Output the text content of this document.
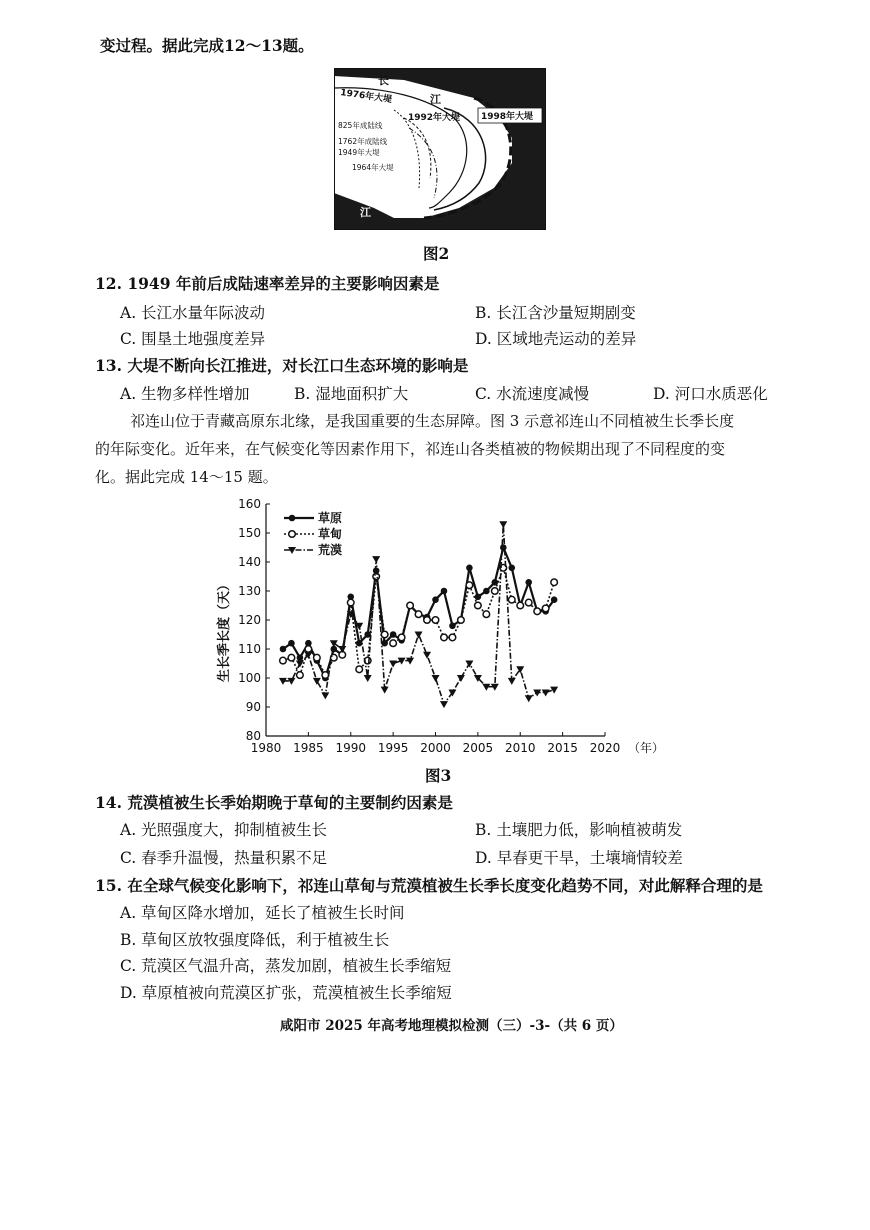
变过程。据此完成12～13题。
长
江
1976年大堤
1992年大堤 1998年大堤
825年成陆线
1762年成陆线
1949年大堤
1964年大堤
长
江
图2
12. 1949 年前后成陆速率差异的主要影响因素是
A. 长江水量年际波动	B. 长江含沙量短期剧变
C. 围垦土地强度差异	D. 区域地壳运动的差异
13. 大堤不断向长江推进，对长江口生态环境的影响是
A. 生物多样性增加	B. 湿地面积扩大	C. 水流速度减慢	D. 河口水质恶化
祁连山位于青藏高原东北缘，是我国重要的生态屏障。图 3 示意祁连山不同植被生长季长度
的年际变化。近年来，在气候变化等因素作用下，祁连山各类植被的物候期出现了不同程度的变
化。据此完成 14～15 题。
80
90
100
110
120
130
140
150
160
1980 1985 1990 1995 2000 2005 2010 2015 2020
草原
草甸
荒漠
生长季长度（天）
（年）
图3
14. 荒漠植被生长季始期晚于草甸的主要制约因素是
A. 光照强度大，抑制植被生长	B. 土壤肥力低，影响植被萌发
C. 春季升温慢，热量积累不足	D. 早春更干旱，土壤墒情较差
15. 在全球气候变化影响下，祁连山草甸与荒漠植被生长季长度变化趋势不同，对此解释合理的是
A. 草甸区降水增加，延长了植被生长时间
B. 草甸区放牧强度降低，利于植被生长
C. 荒漠区气温升高，蒸发加剧，植被生长季缩短
D. 草原植被向荒漠区扩张，荒漠植被生长季缩短
咸阳市 2025 年高考地理模拟检测（三）-3-（共 6 页）
